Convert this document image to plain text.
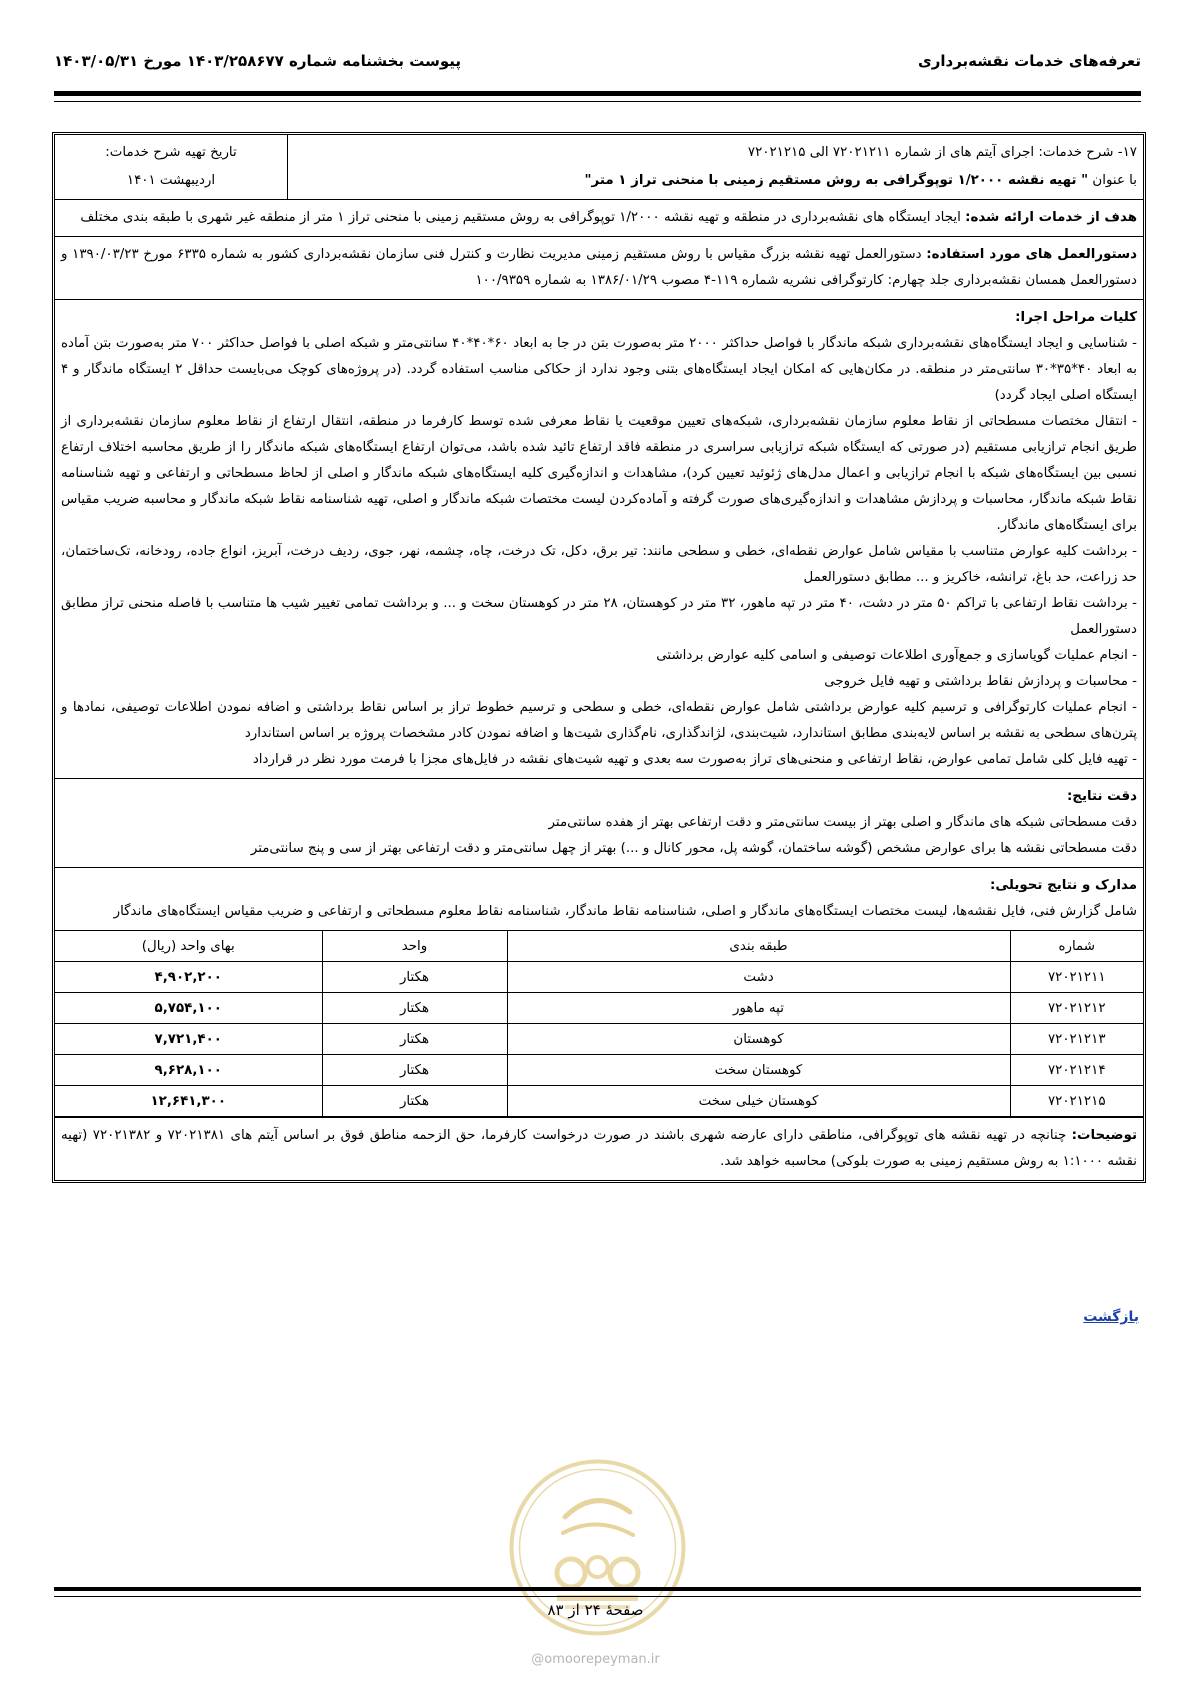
تعرفه‌های خدمات نقشه‌برداری
پیوست بخشنامه شماره ۱۴۰۳/۲۵۸۶۷۷ مورخ ۱۴۰۳/۰۵/۳۱
۱۷- شرح خدمات: اجرای آیتم های از شماره ۷۲۰۲۱۲۱۱ الی ۷۲۰۲۱۲۱۵
با عنوان " تهیه نقشه ۱/۲۰۰۰ توپوگرافی به روش مستقیم زمینی با منحنی تراز ۱ متر"
تاریخ تهیه شرح خدمات:
اردیبهشت ۱۴۰۱
هدف از خدمات ارائه شده: ایجاد ایستگاه های نقشه‌برداری در منطقه و تهیه نقشه ۱/۲۰۰۰ توپوگرافی به روش مستقیم زمینی با منحنی تراز ۱ متر از منطقه غیر شهری با طبقه بندی مختلف
دستورالعمل های مورد استفاده: دستورالعمل تهیه نقشه بزرگ مقیاس با روش مستقیم زمینی مدیریت نظارت و کنترل فنی سازمان نقشه‌برداری کشور به شماره ۶۳۳۵ مورخ ۱۳۹۰/۰۳/۲۳ و دستورالعمل همسان نقشه‌برداری جلد چهارم: کارتوگرافی نشریه شماره ۱۱۹-۴ مصوب ۱۳۸۶/۰۱/۲۹ به شماره ۱۰۰/۹۳۵۹
کلیات مراحل اجرا:
- شناسایی و ایجاد ایستگاه‌های نقشه‌برداری شبکه ماندگار با فواصل حداکثر ۲۰۰۰ متر به‌صورت بتن در جا به ابعاد ۶۰*۴۰*۴۰ سانتی‌متر و شبکه اصلی با فواصل حداکثر ۷۰۰ متر به‌صورت بتن آماده به ابعاد ۴۰*۳۵*۳۰ سانتی‌متر در منطقه. در مکان‌هایی که امکان ایجاد ایستگاه‌های بتنی وجود ندارد از حکاکی مناسب استفاده گردد. (در پروژه‌های کوچک می‌بایست حداقل ۲ ایستگاه ماندگار و ۴ ایستگاه اصلی ایجاد گردد)
- انتقال مختصات مسطحاتی از نقاط معلوم سازمان نقشه‌برداری، شبکه‌های تعیین موقعیت یا نقاط معرفی شده توسط کارفرما در منطقه، انتقال ارتفاع از نقاط معلوم سازمان نقشه‌برداری از طریق انجام ترازیابی مستقیم (در صورتی که ایستگاه شبکه ترازیابی سراسری در منطقه فاقد ارتفاع تائید شده باشد، می‌توان ارتفاع ایستگاه‌های شبکه ماندگار را از طریق محاسبه اختلاف ارتفاع نسبی بین ایستگاه‌های شبکه با انجام ترازیابی و اعمال مدل‌های ژئوئید تعیین کرد)، مشاهدات و اندازه‌گیری کلیه ایستگاه‌های شبکه ماندگار و اصلی از لحاظ مسطحاتی و ارتفاعی و تهیه شناسنامه نقاط شبکه ماندگار، محاسبات و پردازش مشاهدات و اندازه‌گیری‌های صورت گرفته و آماده‌کردن لیست مختصات شبکه ماندگار و اصلی، تهیه شناسنامه نقاط شبکه ماندگار و محاسبه ضریب مقیاس برای ایستگاه‌های ماندگار.
- برداشت کلیه عوارض متناسب با مقیاس شامل عوارض نقطه‌ای، خطی و سطحی مانند: تیر برق، دکل، تک درخت، چاه، چشمه، نهر، جوی، ردیف درخت، آبریز، انواع جاده، رودخانه، تک‌ساختمان، حد زراعت، حد باغ، ترانشه، خاکریز و ... مطابق دستورالعمل
- برداشت نقاط ارتفاعی با تراکم ۵۰ متر در دشت، ۴۰ متر در تپه ماهور، ۳۲ متر در کوهستان، ۲۸ متر در کوهستان سخت و ... و برداشت تمامی تغییر شیب ها متناسب با فاصله منحنی تراز مطابق دستورالعمل
- انجام عملیات گویاسازی و جمع‌آوری اطلاعات توصیفی و اسامی کلیه عوارض برداشتی
- محاسبات و پردازش نقاط برداشتی و تهیه فایل خروجی
- انجام عملیات کارتوگرافی و ترسیم کلیه عوارض برداشتی شامل عوارض نقطه‌ای، خطی و سطحی و ترسیم خطوط تراز بر اساس نقاط برداشتی و اضافه نمودن اطلاعات توصیفی، نمادها و پترن‌های سطحی به نقشه بر اساس لایه‌بندی مطابق استاندارد، شیت‌بندی، لژاندگذاری، نام‌گذاری شیت‌ها و اضافه نمودن کادر مشخصات پروژه بر اساس استاندارد
- تهیه فایل کلی شامل تمامی عوارض، نقاط ارتفاعی و منحنی‌های تراز به‌صورت سه بعدی و تهیه شیت‌های نقشه در فایل‌های مجزا با فرمت مورد نظر در قرارداد
دقت نتایج:
دقت مسطحاتی شبکه های ماندگار و اصلی بهتر از بیست سانتی‌متر و دقت ارتفاعی بهتر از هفده سانتی‌متر
دقت مسطحاتی نقشه ها برای عوارض مشخص (گوشه ساختمان، گوشه پل، محور کانال و ...) بهتر از چهل سانتی‌متر و دقت ارتفاعی بهتر از سی و پنج سانتی‌متر
مدارک و نتایج تحویلی:
شامل گزارش فنی، فایل نقشه‌ها، لیست مختصات ایستگاه‌های ماندگار و اصلی، شناسنامه نقاط ماندگار، شناسنامه نقاط معلوم مسطحاتی و ارتفاعی و ضریب مقیاس ایستگاه‌های ماندگار
شماره	طبقه بندی	واحد	بهای واحد (ریال)
۷۲۰۲۱۲۱۱	دشت	هکتار	۴,۹۰۲,۲۰۰
۷۲۰۲۱۲۱۲	تپه ماهور	هکتار	۵,۷۵۴,۱۰۰
۷۲۰۲۱۲۱۳	کوهستان	هکتار	۷,۷۲۱,۴۰۰
۷۲۰۲۱۲۱۴	کوهستان سخت	هکتار	۹,۶۲۸,۱۰۰
۷۲۰۲۱۲۱۵	کوهستان خیلی سخت	هکتار	۱۲,۶۴۱,۳۰۰
توضیحات: چنانچه در تهیه نقشه های توپوگرافی، مناطقی دارای عارضه شهری باشند در صورت درخواست کارفرما، حق الزحمه مناطق فوق بر اساس آیتم های ۷۲۰۲۱۳۸۱ و ۷۲۰۲۱۳۸۲ (تهیه نقشه ۱:۱۰۰۰ به روش مستقیم زمینی به صورت بلوکی) محاسبه خواهد شد.
بازگشت
صفحهٔ ۲۴ از ۸۳
@omoorepeyman.ir
